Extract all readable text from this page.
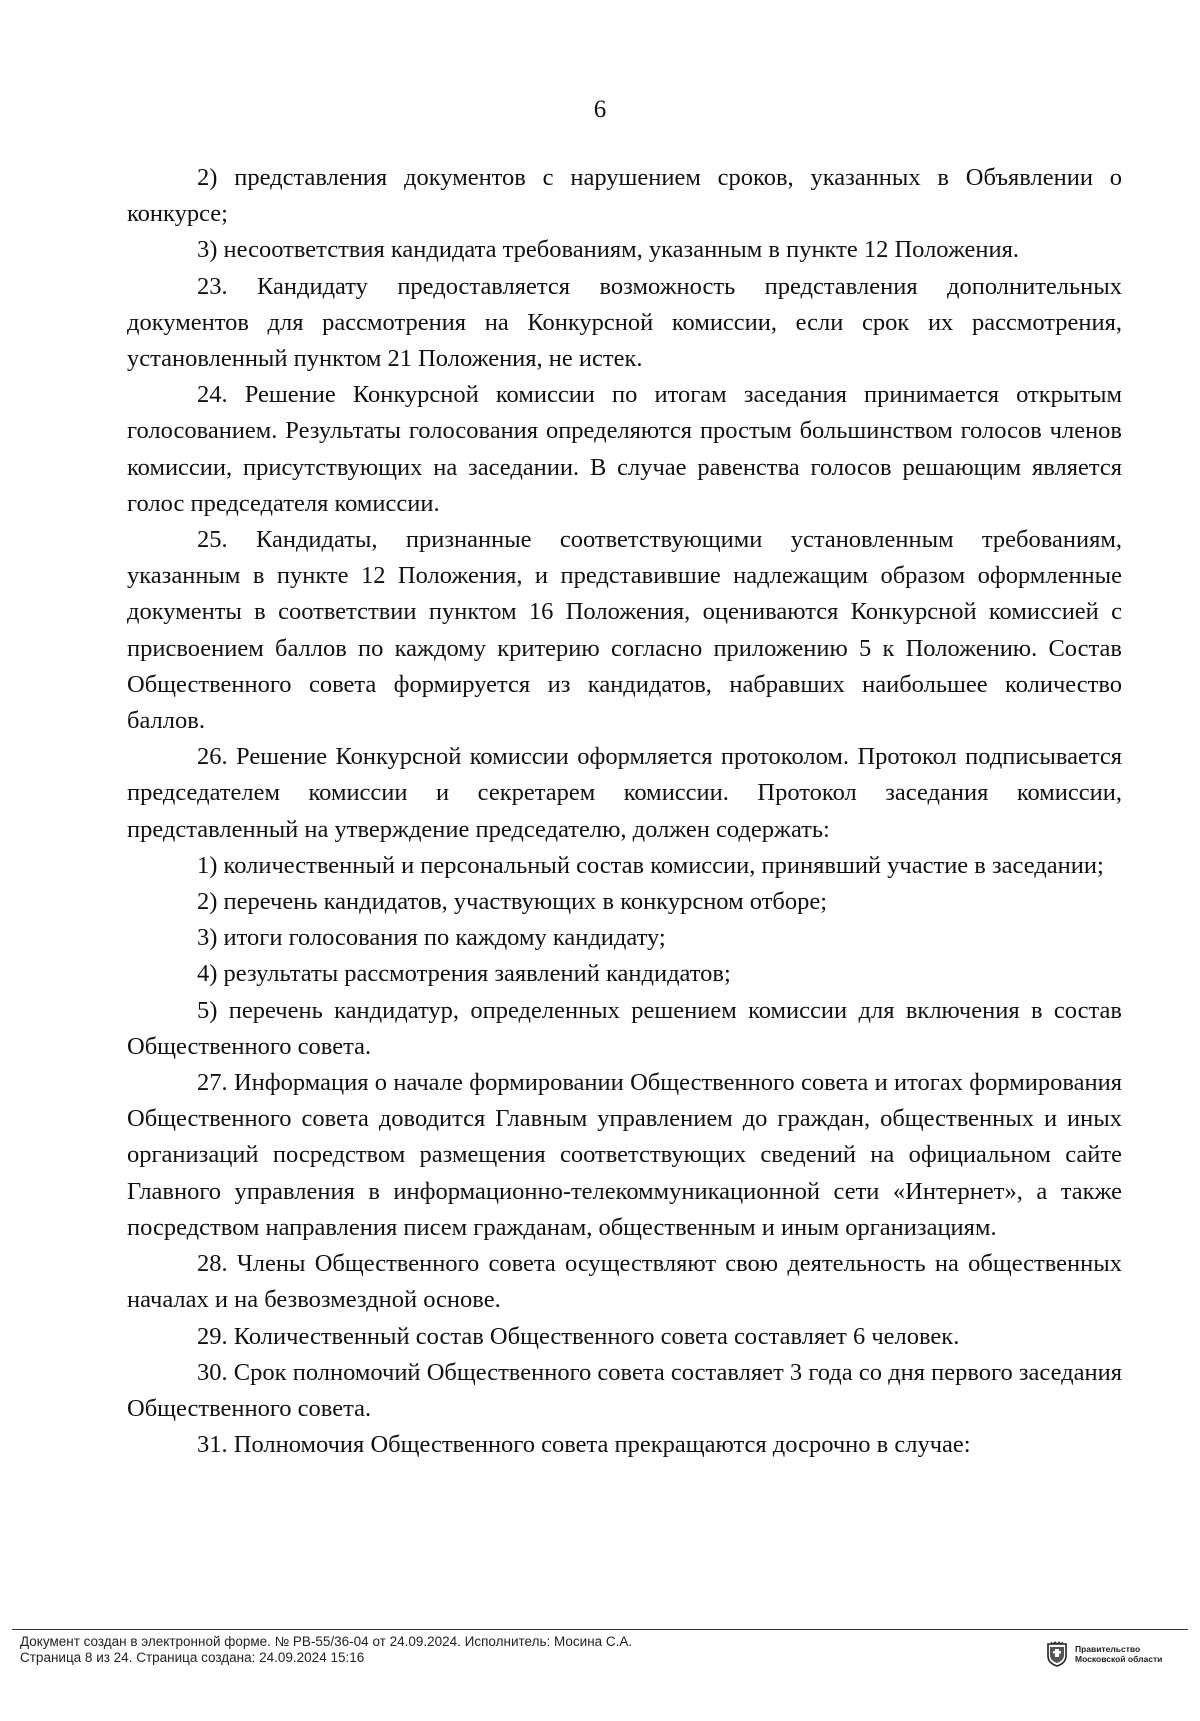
6

2) представления документов с нарушением сроков, указанных в Объявлении о конкурсе;

3) несоответствия кандидата требованиям, указанным в пункте 12 Положения.

23. Кандидату предоставляется возможность представления дополнительных документов для рассмотрения на Конкурсной комиссии, если срок их рассмотрения, установленный пунктом 21 Положения, не истек.

24. Решение Конкурсной комиссии по итогам заседания принимается открытым голосованием. Результаты голосования определяются простым большинством голосов членов комиссии, присутствующих на заседании. В случае равенства голосов решающим является голос председателя комиссии.

25. Кандидаты, признанные соответствующими установленным требованиям, указанным в пункте 12 Положения, и представившие надлежащим образом оформленные документы в соответствии пунктом 16 Положения, оцениваются Конкурсной комиссией с присвоением баллов по каждому критерию согласно приложению 5 к Положению. Состав Общественного совета формируется из кандидатов, набравших наибольшее количество баллов.

26. Решение Конкурсной комиссии оформляется протоколом. Протокол подписывается председателем комиссии и секретарем комиссии. Протокол заседания комиссии, представленный на утверждение председателю, должен содержать:

1) количественный и персональный состав комиссии, принявший участие в заседании;

2) перечень кандидатов, участвующих в конкурсном отборе;

3) итоги голосования по каждому кандидату;

4) результаты рассмотрения заявлений кандидатов;

5) перечень кандидатур, определенных решением комиссии для включения в состав Общественного совета.

27. Информация о начале формировании Общественного совета и итогах формирования Общественного совета доводится Главным управлением до граждан, общественных и иных организаций посредством размещения соответствующих сведений на официальном сайте Главного управления в информационно-телекоммуникационной сети «Интернет», а также посредством направления писем гражданам, общественным и иным организациям.

28. Члены Общественного совета осуществляют свою деятельность на общественных началах и на безвозмездной основе.

29. Количественный состав Общественного совета составляет 6 человек.

30. Срок полномочий Общественного совета составляет 3 года со дня первого заседания Общественного совета.

31. Полномочия Общественного совета прекращаются досрочно в случае:

Документ создан в электронной форме. № РВ-55/36-04 от 24.09.2024. Исполнитель: Мосина С.А.
Страница 8 из 24. Страница создана: 24.09.2024 15:16
Правительство
Московской области
